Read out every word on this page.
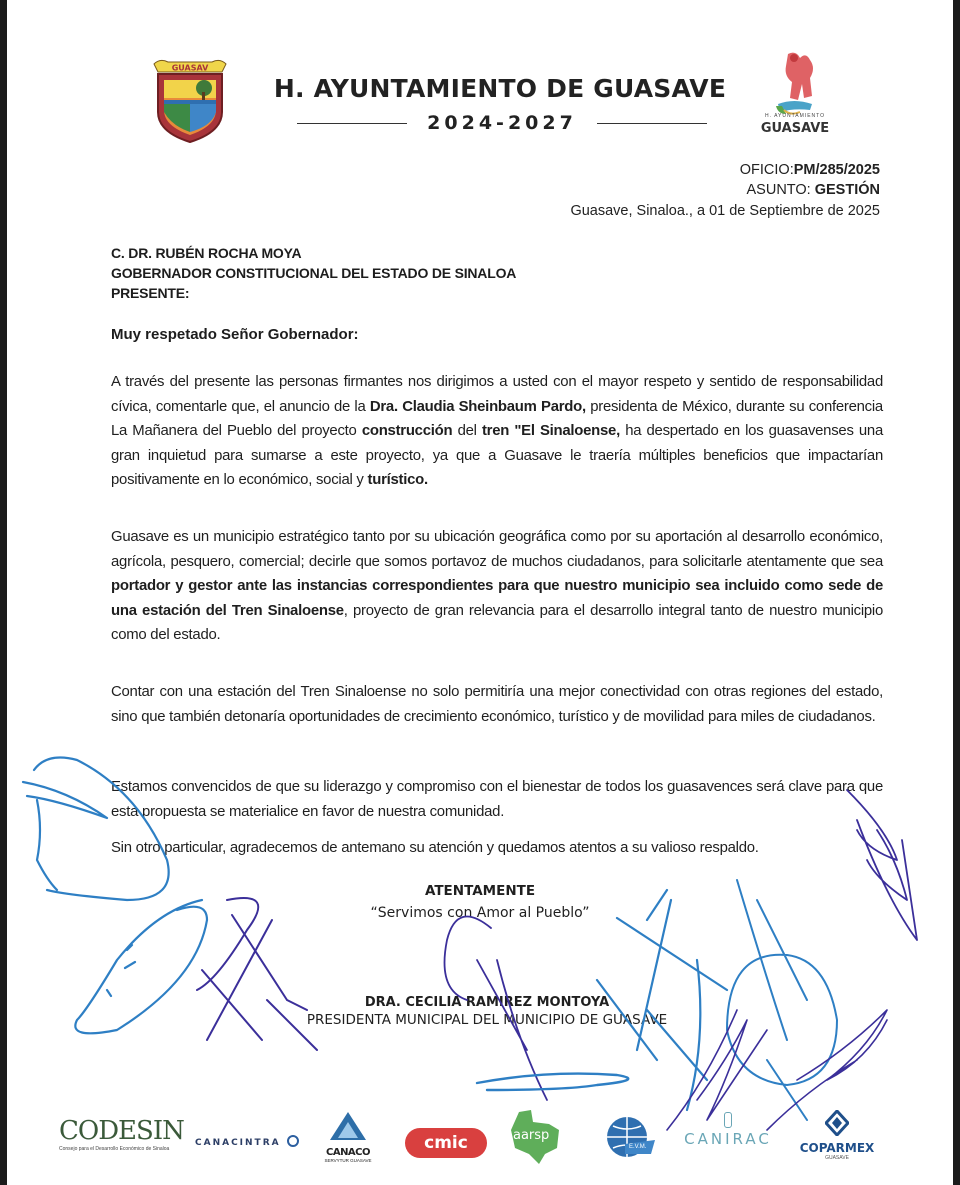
GUASAV
H. AYUNTAMIENTO DE GUASAVE
2024-2027	H. AYUNTAMIENTO
GUASAVE
OFICIO:PM/285/2025
ASUNTO: GESTIÓN
Guasave, Sinaloa., a 01 de Septiembre de 2025
C. DR. RUBÉN ROCHA MOYA
GOBERNADOR CONSTITUCIONAL DEL ESTADO DE SINALOA
PRESENTE:
Muy respetado Señor Gobernador:
A través del presente las personas firmantes nos dirigimos a usted con el mayor respeto y sentido de responsabilidad cívica, comentarle que, el anuncio de la Dra. Claudia Sheinbaum Pardo, presidenta de México, durante su conferencia La Mañanera del Pueblo del proyecto construcción del tren "El Sinaloense, ha despertado en los guasavenses una gran inquietud para sumarse a este proyecto, ya que a Guasave le traería múltiples beneficios que impactarían positivamente en lo económico, social y turístico.
Guasave es un municipio estratégico tanto por su ubicación geográfica como por su aportación al desarrollo económico, agrícola, pesquero, comercial; decirle que somos portavoz de muchos ciudadanos, para solicitarle atentamente que sea portador y gestor ante las instancias correspondientes para que nuestro municipio sea incluido como sede de una estación del Tren Sinaloense, proyecto de gran relevancia para el desarrollo integral tanto de nuestro municipio como del estado.
Contar con una estación del Tren Sinaloense no solo permitiría una mejor conectividad con otras regiones del estado, sino que también detonaría oportunidades de crecimiento económico, turístico y de movilidad para miles de ciudadanos.
Estamos convencidos de que su liderazgo y compromiso con el bienestar de todos los guasavences será clave para que esta propuesta se materialice en favor de nuestra comunidad.
Sin otro particular, agradecemos de antemano su atención y quedamos atentos a su valioso respaldo.
ATENTAMENTE
“Servimos con Amor al Pueblo”
DRA. CECILIA RAMIREZ MONTOYA
PRESIDENTA MUNICIPAL DEL MUNICIPIO DE GUASAVE
CODESIN
Consejo para el Desarrollo Económico de Sinaloa
CANACINTRA
CANACO
SERVYTUR GUASAVE
cmic	aarsp
E.V.M.	CANIRAC	COPARMEX
GUASAVE
